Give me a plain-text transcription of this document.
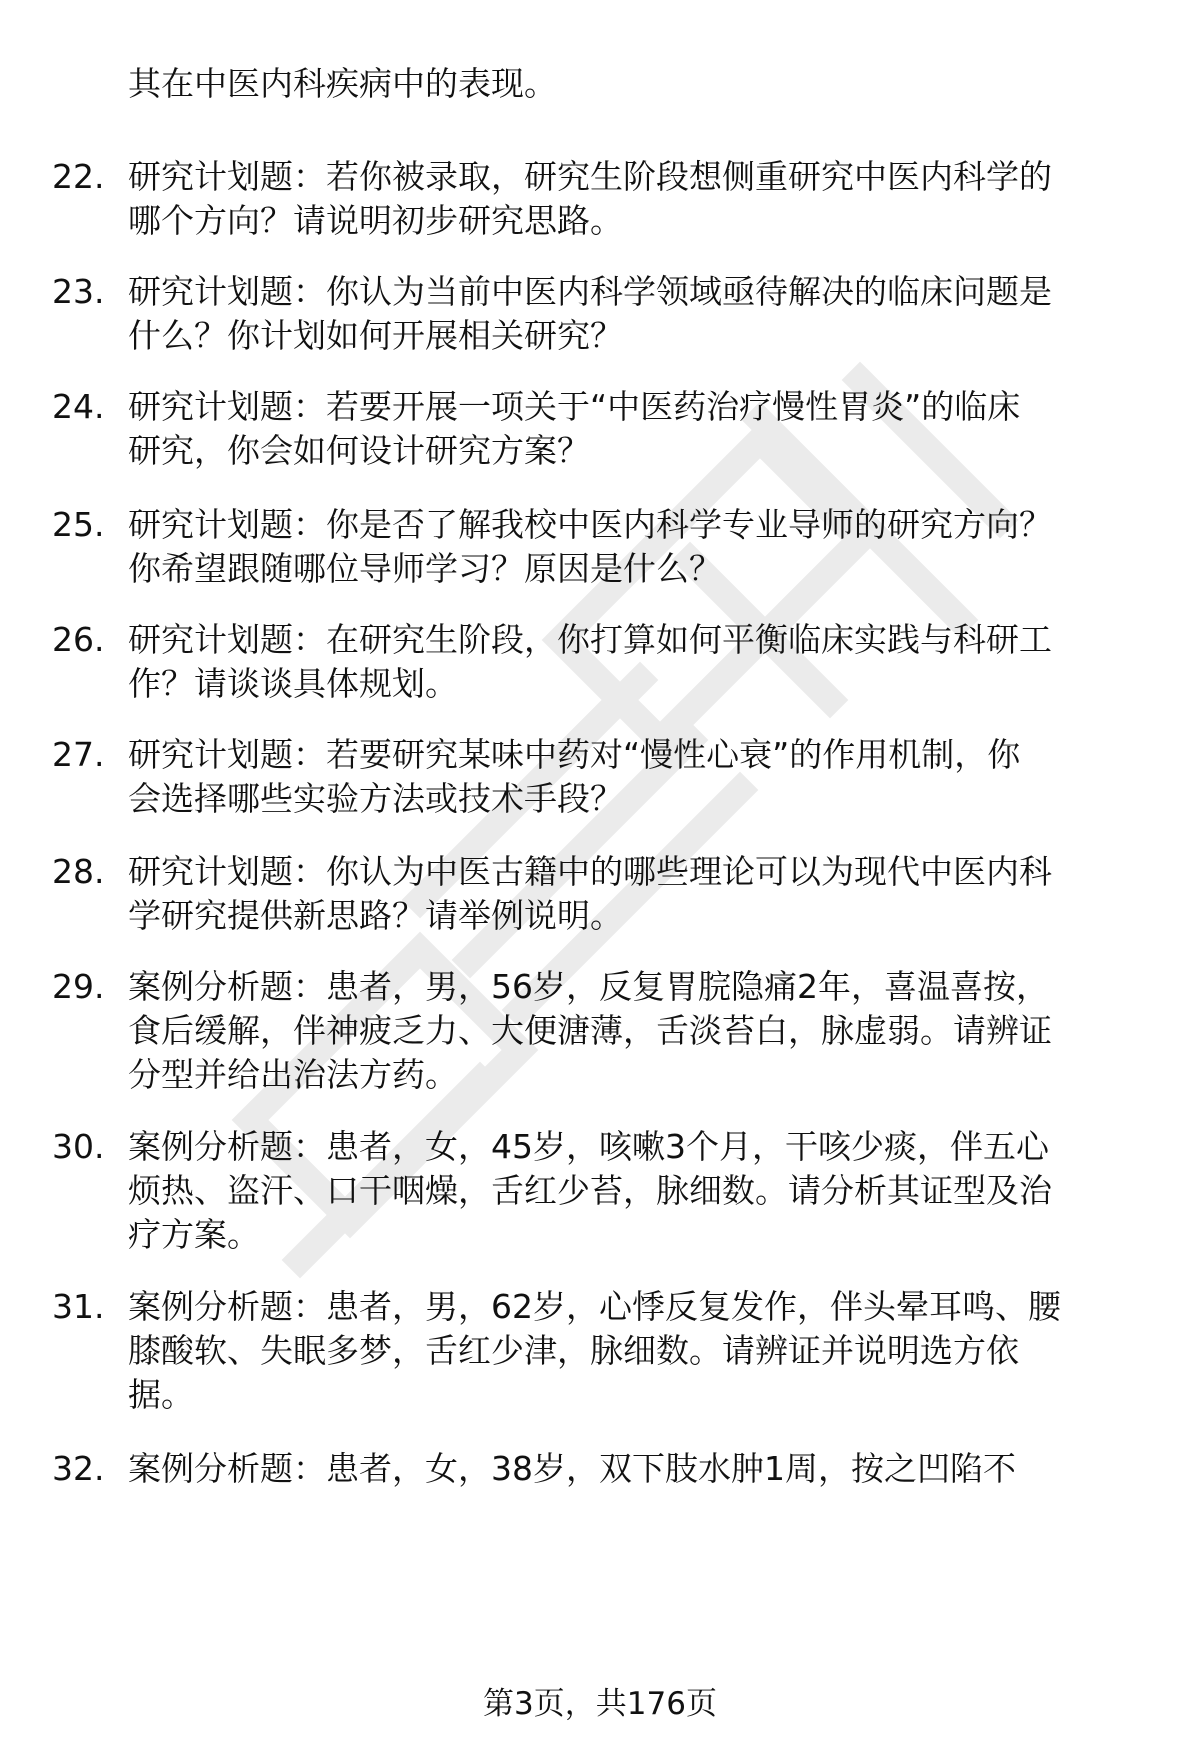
其在中医内科疾病中的表现。
22. 研究计划题：若你被录取，研究生阶段想侧重研究中医内科学的
哪个方向？请说明初步研究思路。
23. 研究计划题：你认为当前中医内科学领域亟待解决的临床问题是
什么？你计划如何开展相关研究？
24. 研究计划题：若要开展一项关于“中医药治疗慢性胃炎”的临床
研究，你会如何设计研究方案？
25. 研究计划题：你是否了解我校中医内科学专业导师的研究方向？
你希望跟随哪位导师学习？原因是什么？
26. 研究计划题：在研究生阶段，你打算如何平衡临床实践与科研工
作？请谈谈具体规划。
27. 研究计划题：若要研究某味中药对“慢性心衰”的作用机制，你
会选择哪些实验方法或技术手段？
28. 研究计划题：你认为中医古籍中的哪些理论可以为现代中医内科
学研究提供新思路？请举例说明。
29. 案例分析题：患者，男，56岁，反复胃脘隐痛2年，喜温喜按，
食后缓解，伴神疲乏力、大便溏薄，舌淡苔白，脉虚弱。请辨证
分型并给出治法方药。
30. 案例分析题：患者，女，45岁，咳嗽3个月，干咳少痰，伴五心
烦热、盗汗、口干咽燥，舌红少苔，脉细数。请分析其证型及治
疗方案。
31. 案例分析题：患者，男，62岁，心悸反复发作，伴头晕耳鸣、腰
膝酸软、失眠多梦，舌红少津，脉细数。请辨证并说明选方依
据。
32. 案例分析题：患者，女，38岁，双下肢水肿1周，按之凹陷不
第3页，共176页
